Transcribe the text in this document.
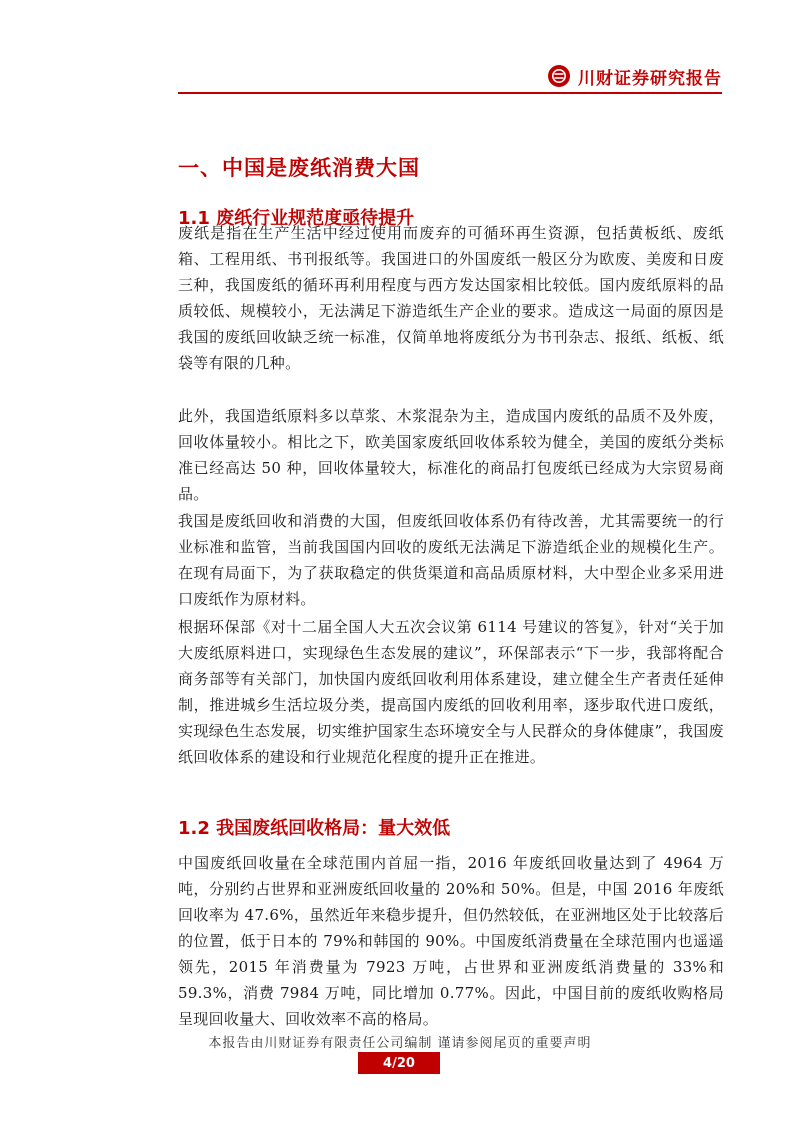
川财证券研究报告
一、中国是废纸消费大国
1.1 废纸行业规范度亟待提升

废纸是指在生产生活中经过使用而废弃的可循环再生资源，包括黄板纸、废纸箱、工程用纸、书刊报纸等。我国进口的外国废纸一般区分为欧废、美废和日废三种，我国废纸的循环再利用程度与西方发达国家相比较低。国内废纸原料的品质较低、规模较小，无法满足下游造纸生产企业的要求。造成这一局面的原因是我国的废纸回收缺乏统一标准，仅简单地将废纸分为书刊杂志、报纸、纸板、纸袋等有限的几种。

此外，我国造纸原料多以草浆、木浆混杂为主，造成国内废纸的品质不及外废，回收体量较小。相比之下，欧美国家废纸回收体系较为健全，美国的废纸分类标准已经高达 50 种，回收体量较大，标准化的商品打包废纸已经成为大宗贸易商品。

我国是废纸回收和消费的大国，但废纸回收体系仍有待改善，尤其需要统一的行业标准和监管，当前我国国内回收的废纸无法满足下游造纸企业的规模化生产。在现有局面下，为了获取稳定的供货渠道和高品质原材料，大中型企业多采用进口废纸作为原材料。

根据环保部《对十二届全国人大五次会议第 6114 号建议的答复》，针对“关于加大废纸原料进口，实现绿色生态发展的建议”，环保部表示“下一步，我部将配合商务部等有关部门，加快国内废纸回收利用体系建设，建立健全生产者责任延伸制，推进城乡生活垃圾分类，提高国内废纸的回收利用率，逐步取代进口废纸，实现绿色生态发展，切实维护国家生态环境安全与人民群众的身体健康”，我国废纸回收体系的建设和行业规范化程度的提升正在推进。

1.2 我国废纸回收格局：量大效低

中国废纸回收量在全球范围内首屈一指，2016 年废纸回收量达到了 4964 万吨，分别约占世界和亚洲废纸回收量的 20%和 50%。但是，中国 2016 年废纸回收率为 47.6%，虽然近年来稳步提升，但仍然较低，在亚洲地区处于比较落后的位置，低于日本的 79%和韩国的 90%。中国废纸消费量在全球范围内也遥遥领先，2015 年消费量为 7923 万吨，占世界和亚洲废纸消费量的 33%和 59.3%，消费 7984 万吨，同比增加 0.77%。因此，中国目前的废纸收购格局呈现回收量大、回收效率不高的格局。

本报告由川财证券有限责任公司编制 谨请参阅尾页的重要声明
4/20
